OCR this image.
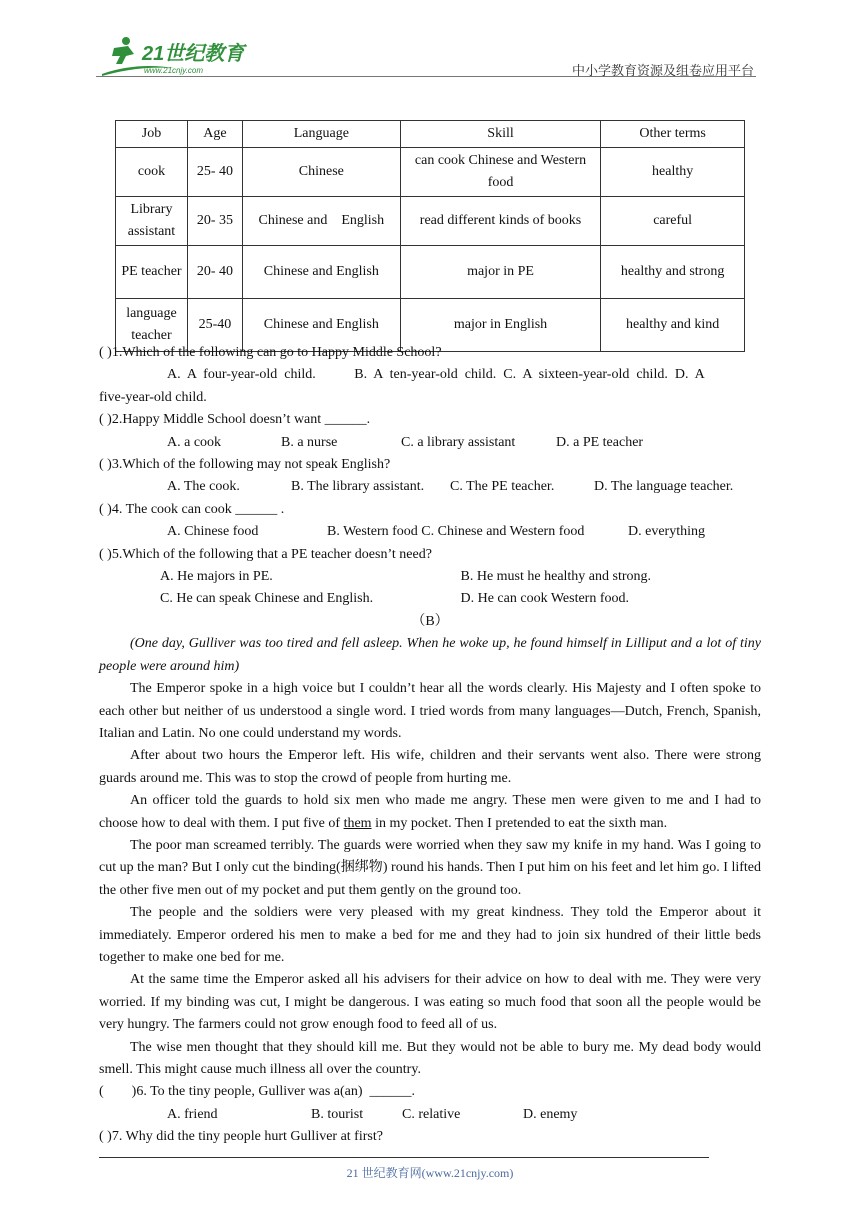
21世纪教育
www.21cnjy.com	中小学教育资源及组卷应用平台
Job	Age	Language	Skill	Other terms
cook	25- 40	Chinese	can cook Chinese and Western food	healthy
Library assistant	20- 35	Chinese and    English	read different kinds of books	careful
PE teacher	20- 40	Chinese and English	major in PE	healthy and strong
language teacher	25-40	Chinese and English	major in English	healthy and kind

( )1.Which of the following can go to Happy Middle School?

A.  A  four-year-old  child.           B.  A  ten-year-old  child.  C.  A  sixteen-year-old  child.  D.  A

five-year-old child.

( )2.Happy Middle School doesn’t want ______.

A. a cook	B. a nurse	C. a library assistant	D. a PE teacher

( )3.Which of the following may not speak English?

A. The cook.	B. The library assistant. C. The PE teacher.	D. The language teacher.

( )4. The cook can cook ______ .

A. Chinese food	B. Western food C. Chinese and Western food	D. everything

( )5.Which of the following that a PE teacher doesn’t need?

A. He majors in PE.	B. He must he healthy and strong.
C. He can speak Chinese and English.	D. He can cook Western food.

（B）

(One day, Gulliver was too tired and fell asleep. When he woke up, he found himself in Lilliput and a lot of tiny people were around him)

The Emperor spoke in a high voice but I couldn’t hear all the words clearly. His Majesty and I often spoke to each other but neither of us understood a single word. I tried words from many languages—Dutch, French, Spanish, Italian and Latin. No one could understand my words.

After about two hours the Emperor left. His wife, children and their servants went also. There were strong guards around me. This was to stop the crowd of people from hurting me.

An officer told the guards to hold six men who made me angry. These men were given to me and I had to choose how to deal with them. I put five of them in my pocket. Then I pretended to eat the sixth man.

The poor man screamed terribly. The guards were worried when they saw my knife in my hand. Was I going to cut up the man? But I only cut the binding(捆绑物) round his hands. Then I put him on his feet and let him go. I lifted the other five men out of my pocket and put them gently on the ground too.

The people and the soldiers were very pleased with my great kindness. They told the Emperor about it immediately. Emperor ordered his men to make a bed for me and they had to join six hundred of their little beds together to make one bed for me.

At the same time the Emperor asked all his advisers for their advice on how to deal with me. They were very worried. If my binding was cut, I might be dangerous. I was eating so much food that soon all the people would be very hungry. The farmers could not grow enough food to feed all of us.

The wise men thought that they should kill me. But they would not be able to bury me. My dead body would smell. This might cause much illness all over the country.

(        )6. To the tiny people, Gulliver was a(an)  ______.

A. friend	B. tourist	C. relative	D. enemy

( )7. Why did the tiny people hurt Gulliver at first?

21 世纪教育网(www.21cnjy.com)
